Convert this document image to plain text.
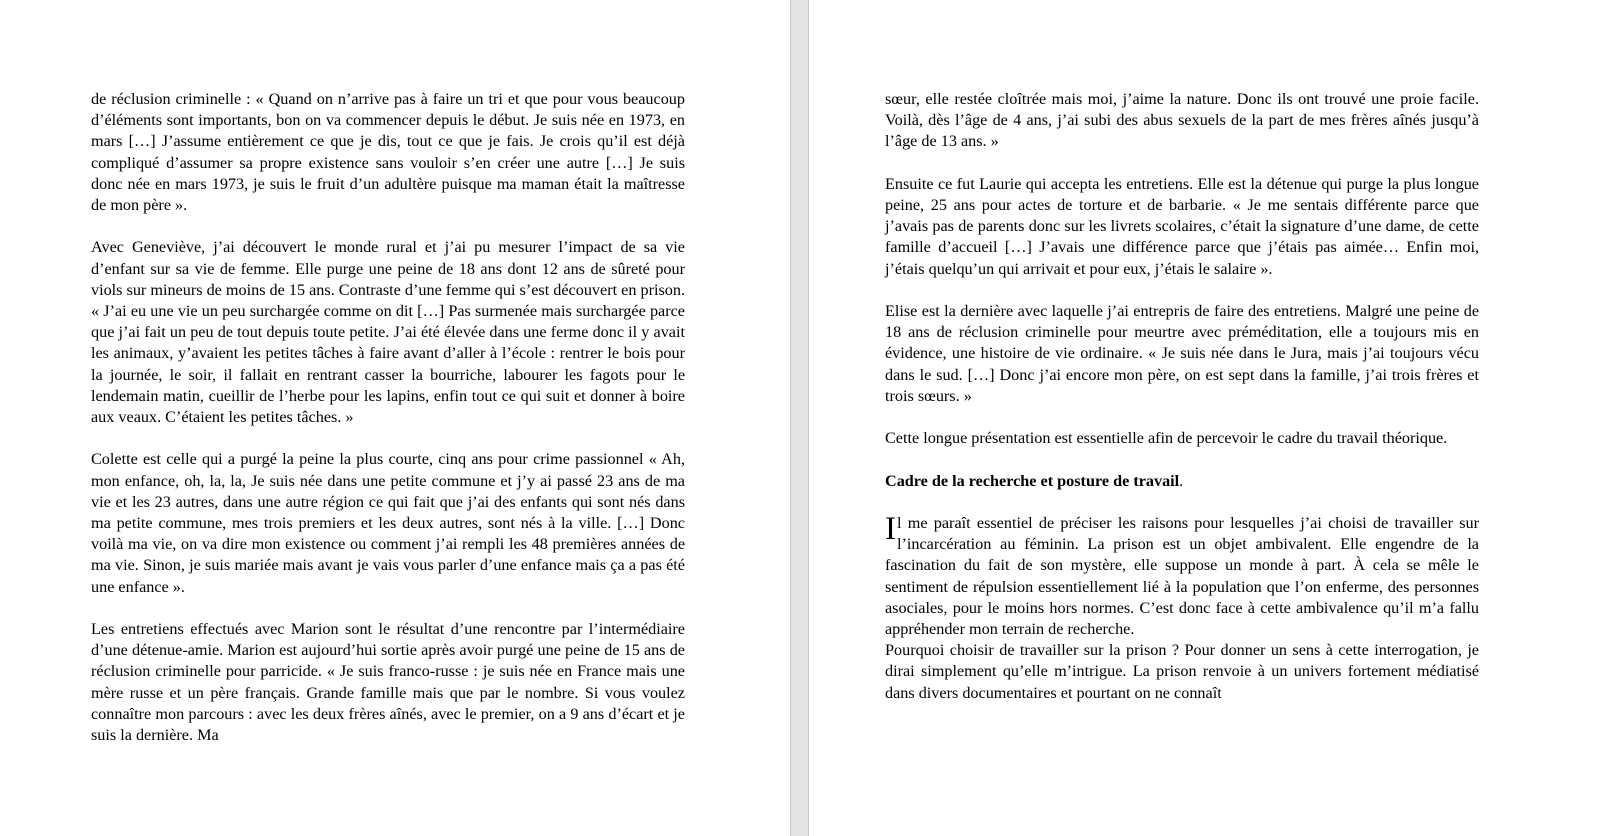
de réclusion criminelle : « Quand on n’arrive pas à faire un tri et que pour vous beaucoup d’éléments sont importants, bon on va commencer depuis le début. Je suis née en 1973, en mars […] J’assume entièrement ce que je dis, tout ce que je fais. Je crois qu’il est déjà compliqué d’assumer sa propre existence sans vouloir s’en créer une autre […] Je suis donc née en mars 1973, je suis le fruit d’un adultère puisque ma maman était la maîtresse de mon père ».

Avec Geneviève, j’ai découvert le monde rural et j’ai pu mesurer l’impact de sa vie d’enfant sur sa vie de femme. Elle purge une peine de 18 ans dont 12 ans de sûreté pour viols sur mineurs de moins de 15 ans. Contraste d’une femme qui s’est découvert en prison. « J’ai eu une vie un peu surchargée comme on dit […] Pas surmenée mais surchargée parce que j’ai fait un peu de tout depuis toute petite. J’ai été élevée dans une ferme donc il y avait les animaux, y’avaient les petites tâches à faire avant d’aller à l’école : rentrer le bois pour la journée, le soir, il fallait en rentrant casser la bourriche, labourer les fagots pour le lendemain matin, cueillir de l’herbe pour les lapins, enfin tout ce qui suit et donner à boire aux veaux. C’étaient les petites tâches. »

Colette est celle qui a purgé la peine la plus courte, cinq ans pour crime passionnel « Ah, mon enfance, oh, la, la, Je suis née dans une petite commune et j’y ai passé 23 ans de ma vie et les 23 autres, dans une autre région ce qui fait que j’ai des enfants qui sont nés dans ma petite commune, mes trois premiers et les deux autres, sont nés à la ville. […] Donc voilà ma vie, on va dire mon existence ou comment j’ai rempli les 48 premières années de ma vie. Sinon, je suis mariée mais avant je vais vous parler d’une enfance mais ça a pas été une enfance ».

Les entretiens effectués avec Marion sont le résultat d’une rencontre par l’intermédiaire d’une détenue-amie. Marion est aujourd’hui sortie après avoir purgé une peine de 15 ans de réclusion criminelle pour parricide. « Je suis franco-russe : je suis née en France mais une mère russe et un père français. Grande famille mais que par le nombre. Si vous voulez connaître mon parcours : avec les deux frères aînés, avec le premier, on a 9 ans d’écart et je suis la dernière. Ma

sœur, elle restée cloîtrée mais moi, j’aime la nature. Donc ils ont trouvé une proie facile. Voilà, dès l’âge de 4 ans, j’ai subi des abus sexuels de la part de mes frères aînés jusqu’à l’âge de 13 ans. »

Ensuite ce fut Laurie qui accepta les entretiens. Elle est la détenue qui purge la plus longue peine, 25 ans pour actes de torture et de barbarie. « Je me sentais différente parce que j’avais pas de parents donc sur les livrets scolaires, c’était la signature d’une dame, de cette famille d’accueil […] J’avais une différence parce que j’étais pas aimée… Enfin moi, j’étais quelqu’un qui arrivait et pour eux, j’étais le salaire ».

Elise est la dernière avec laquelle j’ai entrepris de faire des entretiens. Malgré une peine de 18 ans de réclusion criminelle pour meurtre avec préméditation, elle a toujours mis en évidence, une histoire de vie ordinaire. « Je suis née dans le Jura, mais j’ai toujours vécu dans le sud. […] Donc j’ai encore mon père, on est sept dans la famille, j’ai trois frères et trois sœurs. »

Cette longue présentation est essentielle afin de percevoir le cadre du travail théorique.

Cadre de la recherche et posture de travail.

Il me paraît essentiel de préciser les raisons pour lesquelles j’ai choisi de travailler sur l’incarcération au féminin. La prison est un objet ambivalent. Elle engendre de la fascination du fait de son mystère, elle suppose un monde à part. À cela se mêle le sentiment de répulsion essentiellement lié à la population que l’on enferme, des personnes asociales, pour le moins hors normes. C’est donc face à cette ambivalence qu’il m’a fallu appréhender mon terrain de recherche.

Pourquoi choisir de travailler sur la prison ? Pour donner un sens à cette interrogation, je dirai simplement qu’elle m’intrigue. La prison renvoie à un univers fortement médiatisé dans divers documentaires et pourtant on ne connaît
